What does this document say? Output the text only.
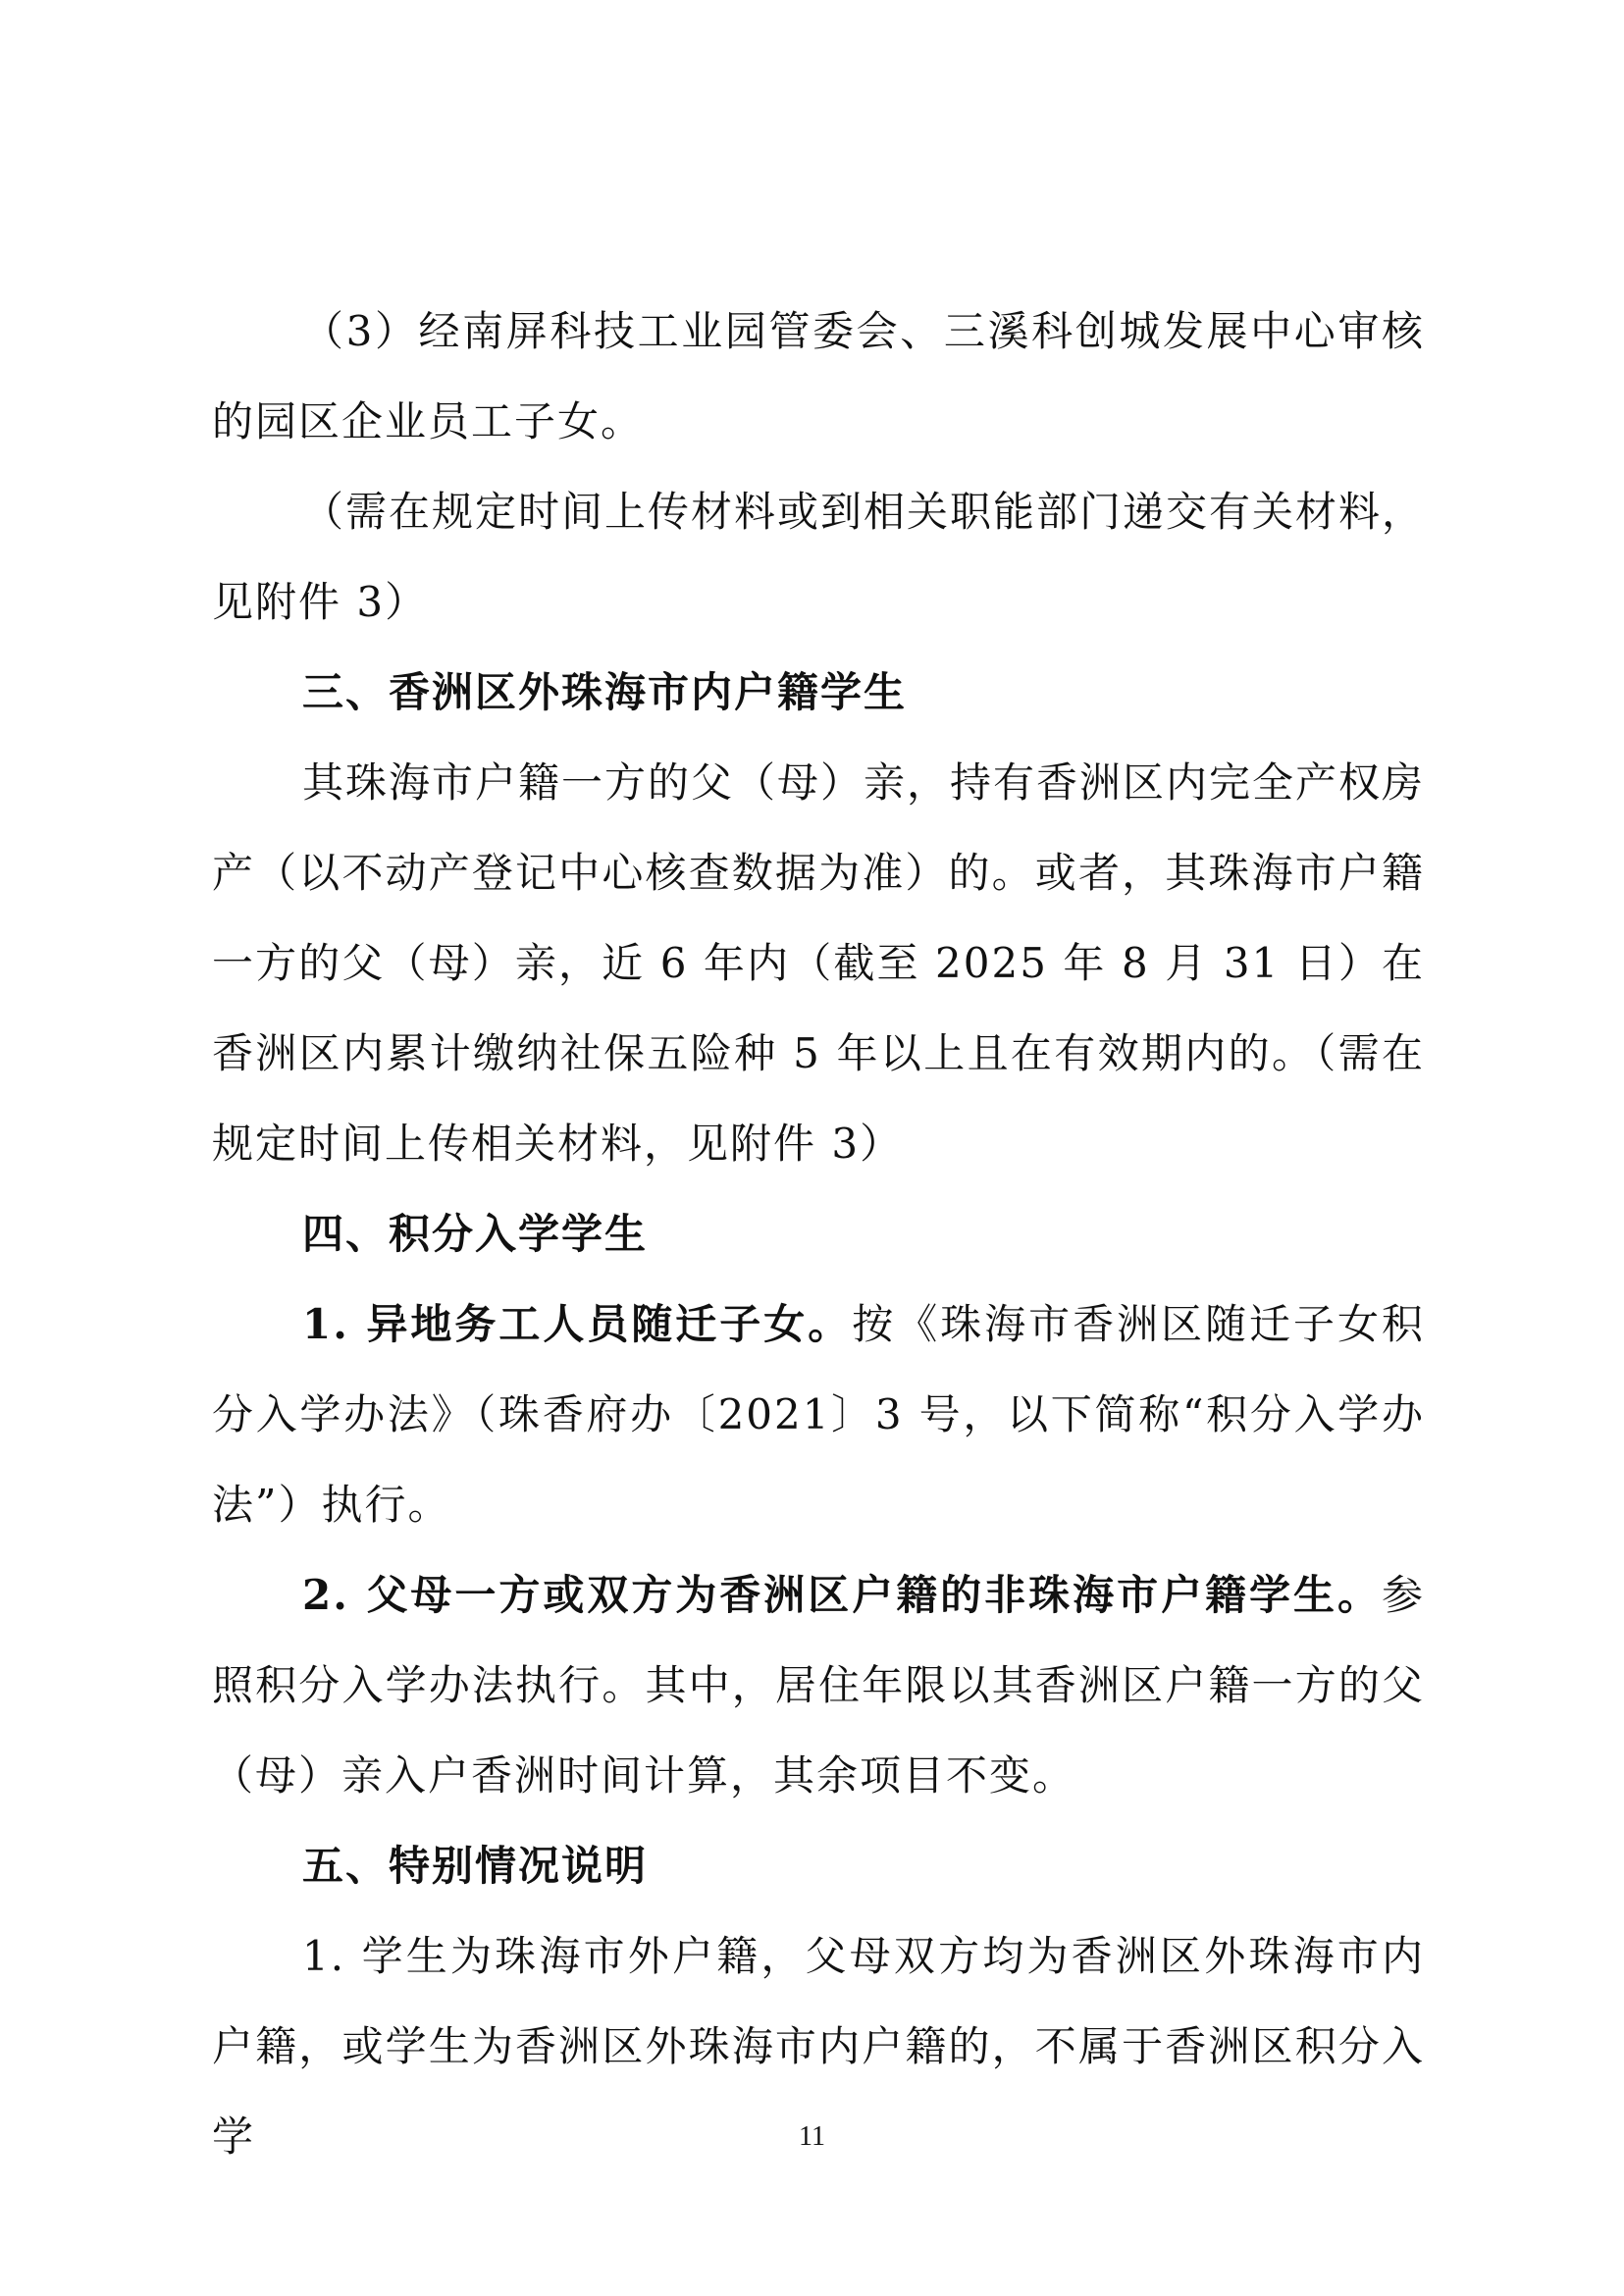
（3）经南屏科技工业园管委会、三溪科创城发展中心审核的园区企业员工子女。

（需在规定时间上传材料或到相关职能部门递交有关材料，见附件 3）

三、香洲区外珠海市内户籍学生

其珠海市户籍一方的父（母）亲，持有香洲区内完全产权房产（以不动产登记中心核查数据为准）的。或者，其珠海市户籍一方的父（母）亲，近 6 年内（截至 2025 年 8 月 31 日）在香洲区内累计缴纳社保五险种 5 年以上且在有效期内的。（需在规定时间上传相关材料，见附件 3）

四、积分入学学生

1. 异地务工人员随迁子女。按《珠海市香洲区随迁子女积分入学办法》（珠香府办〔2021〕3 号，以下简称“积分入学办法”）执行。

2. 父母一方或双方为香洲区户籍的非珠海市户籍学生。参照积分入学办法执行。其中，居住年限以其香洲区户籍一方的父（母）亲入户香洲时间计算，其余项目不变。

五、特别情况说明

1. 学生为珠海市外户籍，父母双方均为香洲区外珠海市内户籍，或学生为香洲区外珠海市内户籍的，不属于香洲区积分入学	11
